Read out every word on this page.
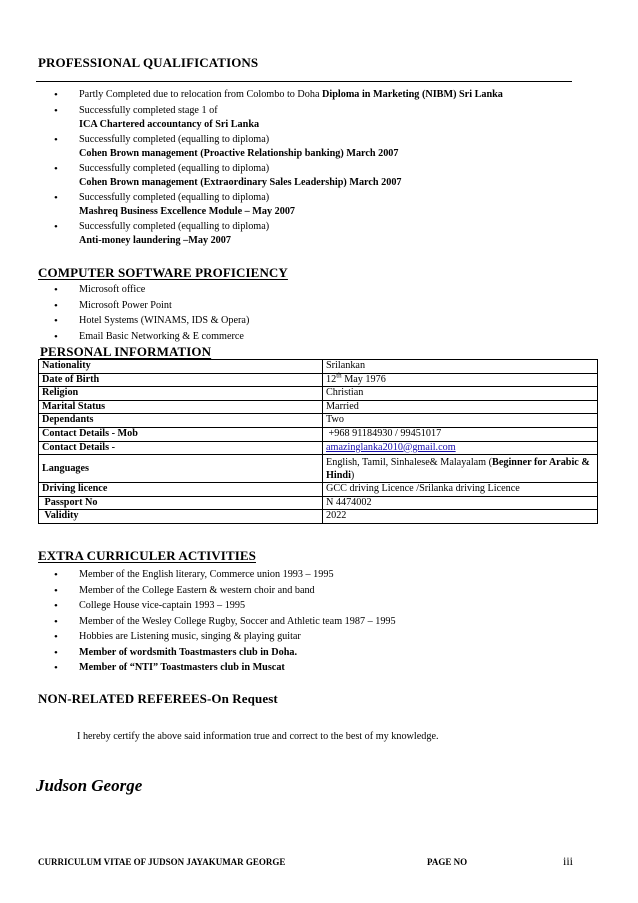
PROFESSIONAL QUALIFICATIONS
• Partly Completed due to relocation from Colombo to Doha Diploma in Marketing (NIBM) Sri Lanka
• Successfully completed stage 1 of
ICA Chartered accountancy of Sri Lanka
• Successfully completed (equalling to diploma)
Cohen Brown management (Proactive Relationship banking) March 2007
• Successfully completed (equalling to diploma)
Cohen Brown management (Extraordinary Sales Leadership) March 2007
• Successfully completed (equalling to diploma)
Mashreq Business Excellence Module – May 2007
• Successfully completed (equalling to diploma)
Anti-money laundering –May 2007
COMPUTER SOFTWARE PROFICIENCY
• Microsoft office
• Microsoft Power Point
• Hotel Systems (WINAMS, IDS & Opera)
• Email Basic Networking & E commerce
PERSONAL INFORMATION
Nationality	Srilankan
Date of Birth	12th May 1976
Religion	Christian
Marital Status	Married
Dependants	Two
Contact Details - Mob	+968 91184930 / 99451017
Contact Details -	amazinglanka2010@gmail.com
Languages	English, Tamil, Sinhalese& Malayalam (Beginner for Arabic & Hindi)
Driving licence	GCC driving Licence /Srilanka driving Licence
Passport No	N 4474002
Validity	2022
EXTRA CURRICULER ACTIVITIES
• Member of the English literary, Commerce union 1993 – 1995
• Member of the College Eastern & western choir and band
• College House vice-captain 1993 – 1995
• Member of the Wesley College Rugby, Soccer and Athletic team 1987 – 1995
• Hobbies are Listening music, singing & playing guitar
• Member of wordsmith Toastmasters club in Doha.
• Member of “NTI” Toastmasters club in Muscat
NON-RELATED REFEREES-On Request
I hereby certify the above said information true and correct to the best of my knowledge.
Judson George
CURRICULUM VITAE OF JUDSON JAYAKUMAR GEORGE	PAGE NO	iii
